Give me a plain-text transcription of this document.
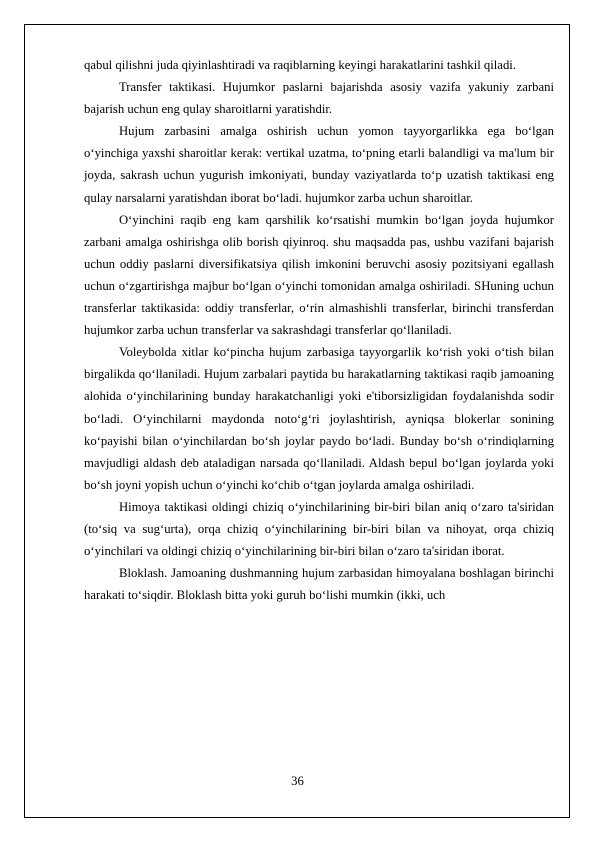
qabul qilishni juda qiyinlashtiradi va raqiblarning keyingi harakatlarini tashkil qiladi.

Transfer taktikasi. Hujumkor paslarni bajarishda asosiy vazifa yakuniy zarbani bajarish uchun eng qulay sharoitlarni yaratishdir.

Hujum zarbasini amalga oshirish uchun yomon tayyorgarlikka ega bo‘lgan o‘yinchiga yaxshi sharoitlar kerak: vertikal uzatma, to‘pning etarli balandligi va ma'lum bir joyda, sakrash uchun yugurish imkoniyati, bunday vaziyatlarda to‘p uzatish taktikasi eng qulay narsalarni yaratishdan iborat bo‘ladi. hujumkor zarba uchun sharoitlar.

O‘yinchini raqib eng kam qarshilik ko‘rsatishi mumkin bo‘lgan joyda hujumkor zarbani amalga oshirishga olib borish qiyinroq. shu maqsadda pas, ushbu vazifani bajarish uchun oddiy paslarni diversifikatsiya qilish imkonini beruvchi asosiy pozitsiyani egallash uchun o‘zgartirishga majbur bo‘lgan o‘yinchi tomonidan amalga oshiriladi. SHuning uchun transferlar taktikasida: oddiy transferlar, o‘rin almashishli transferlar, birinchi transferdan hujumkor zarba uchun transferlar va sakrashdagi transferlar qo‘llaniladi.

Voleybolda xitlar ko‘pincha hujum zarbasiga tayyorgarlik ko‘rish yoki o‘tish bilan birgalikda qo‘llaniladi. Hujum zarbalari paytida bu harakatlarning taktikasi raqib jamoaning alohida o‘yinchilarining bunday harakatchanligi yoki e'tiborsizligidan foydalanishda sodir bo‘ladi. O‘yinchilarni maydonda noto‘g‘ri joylashtirish, ayniqsa blokerlar sonining ko‘payishi bilan o‘yinchilardan bo‘sh joylar paydo bo‘ladi. Bunday bo‘sh o‘rindiqlarning mavjudligi aldash deb ataladigan narsada qo‘llaniladi. Aldash bepul bo‘lgan joylarda yoki bo‘sh joyni yopish uchun o‘yinchi ko‘chib o‘tgan joylarda amalga oshiriladi.

Himoya taktikasi oldingi chiziq o‘yinchilarining bir-biri bilan aniq o‘zaro ta'siridan (to‘siq va sug‘urta), orqa chiziq o‘yinchilarining bir-biri bilan va nihoyat, orqa chiziq o‘yinchilari va oldingi chiziq o‘yinchilarining bir-biri bilan o‘zaro ta'siridan iborat.

Bloklash. Jamoaning dushmanning hujum zarbasidan himoyalana boshlagan birinchi harakati to‘siqdir. Bloklash bitta yoki guruh bo‘lishi mumkin (ikki, uch

36
